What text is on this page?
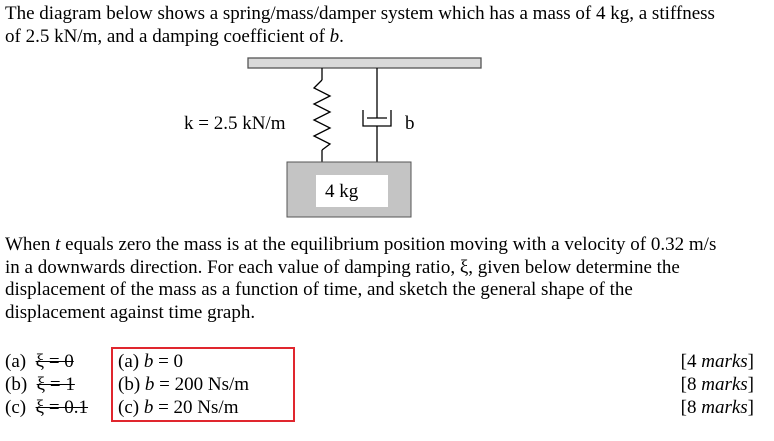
The diagram below shows a spring/mass/damper system which has a mass of 4 kg, a stiffness
of 2.5 kN/m, and a damping coefficient of b.
k = 2.5 kN/m	b
4 kg
When t equals zero the mass is at the equilibrium position moving with a velocity of 0.32 m/s
in a downwards direction. For each value of damping ratio, ξ, given below determine the
displacement of the mass as a function of time, and sketch the general shape of the
displacement against time graph.
(a) ξ = 0
(b) ξ = 1
(c) ξ = 0.1
(a) b = 0
(b) b = 200 Ns/m
(c) b = 20 Ns/m
[4 marks]
[8 marks]
[8 marks]
